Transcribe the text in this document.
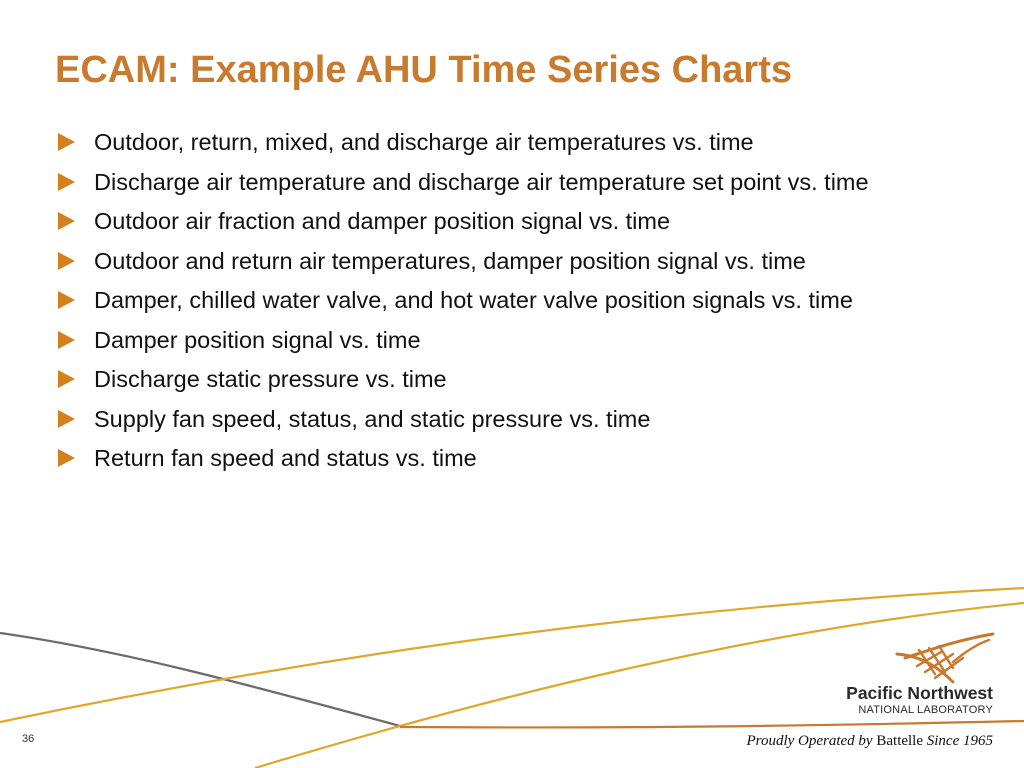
ECAM: Example AHU Time Series Charts
Outdoor, return, mixed, and discharge air temperatures vs. time
Discharge air temperature and discharge air temperature set point vs. time
Outdoor air fraction and damper position signal vs. time
Outdoor and return air temperatures, damper position signal vs. time
Damper, chilled water valve, and hot water valve position signals vs. time
Damper position signal vs. time
Discharge static pressure vs. time
Supply fan speed, status, and static pressure vs. time
Return fan speed and status vs. time
Pacific Northwest
NATIONAL LABORATORY
Proudly Operated by Battelle Since 1965
36
